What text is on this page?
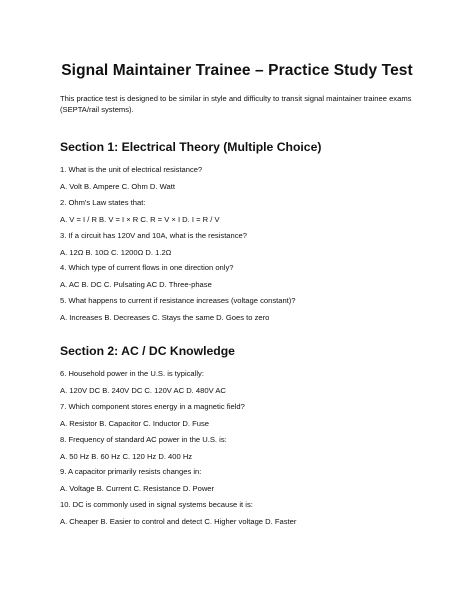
Signal Maintainer Trainee – Practice Study Test
This practice test is designed to be similar in style and difficulty to transit signal maintainer trainee exams (SEPTA/rail systems).
Section 1: Electrical Theory (Multiple Choice)
1. What is the unit of electrical resistance?
A. Volt B. Ampere C. Ohm D. Watt
2. Ohm's Law states that:
A. V = I / R B. V = I × R C. R = V × I D. I = R / V
3. If a circuit has 120V and 10A, what is the resistance?
A. 12Ω B. 10Ω C. 1200Ω D. 1.2Ω
4. Which type of current flows in one direction only?
A. AC B. DC C. Pulsating AC D. Three-phase
5. What happens to current if resistance increases (voltage constant)?
A. Increases B. Decreases C. Stays the same D. Goes to zero
Section 2: AC / DC Knowledge
6. Household power in the U.S. is typically:
A. 120V DC B. 240V DC C. 120V AC D. 480V AC
7. Which component stores energy in a magnetic field?
A. Resistor B. Capacitor C. Inductor D. Fuse
8. Frequency of standard AC power in the U.S. is:
A. 50 Hz B. 60 Hz C. 120 Hz D. 400 Hz
9. A capacitor primarily resists changes in:
A. Voltage B. Current C. Resistance D. Power
10. DC is commonly used in signal systems because it is:
A. Cheaper B. Easier to control and detect C. Higher voltage D. Faster
